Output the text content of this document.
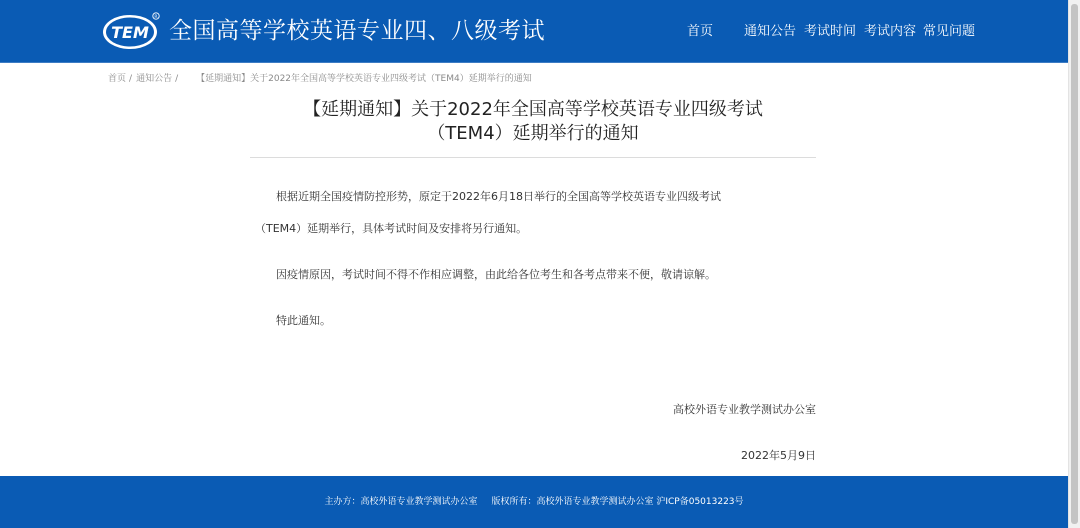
TEM
R
全国高等学校英语专业四、八级考试	首页 通知公告 考试时间 考试内容 常见问题
首页 / 通知公告 / 【延期通知】关于2022年全国高等学校英语专业四级考试（TEM4）延期举行的通知
【延期通知】关于2022年全国高等学校英语专业四级考试
（TEM4）延期举行的通知
根据近期全国疫情防控形势，原定于2022年6月18日举行的全国高等学校英语专业四级考试
（TEM4）延期举行，具体考试时间及安排将另行通知。
因疫情原因，考试时间不得不作相应调整，由此给各位考生和各考点带来不便，敬请谅解。
特此通知。
高校外语专业教学测试办公室
2022年5月9日
主办方：高校外语专业教学测试办公室 版权所有：高校外语专业教学测试办公室 沪ICP备05013223号
